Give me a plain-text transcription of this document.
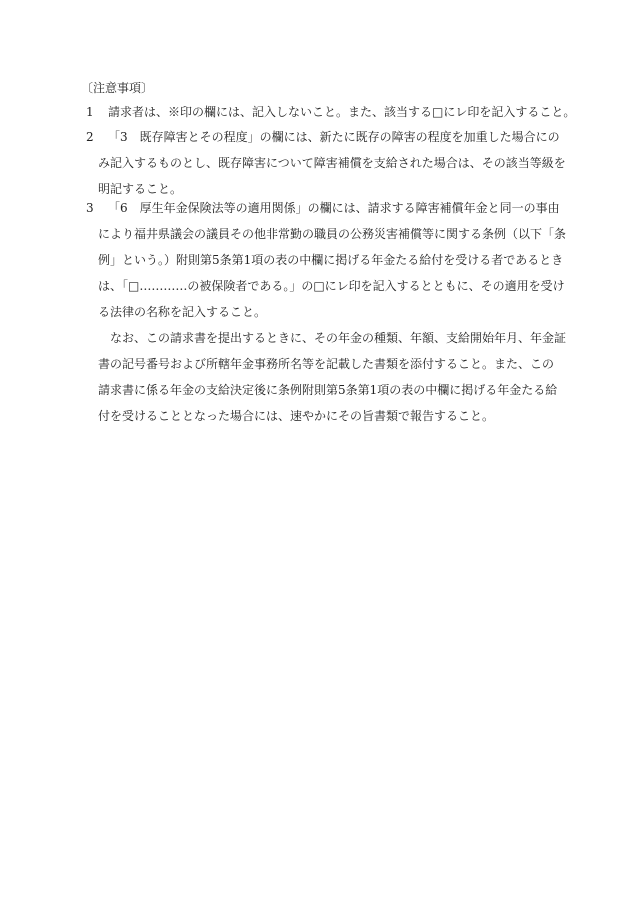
〔注意事項〕
1	請求者は、※印の欄には、記入しないこと。また、該当する□にレ印を記入すること。
2	「3　既存障害とその程度」の欄には、新たに既存の障害の程度を加重した場合にの
み記入するものとし、既存障害について障害補償を支給された場合は、その該当等級を
明記すること。
3	「6　厚生年金保険法等の適用関係」の欄には、請求する障害補償年金と同一の事由
により福井県議会の議員その他非常勤の職員の公務災害補償等に関する条例（以下「条
例」という。）附則第5条第1項の表の中欄に掲げる年金たる給付を受ける者であるとき
は、「□…………の被保険者である。」の□にレ印を記入するとともに、その適用を受け
る法律の名称を記入すること。
なお、この請求書を提出するときに、その年金の種類、年額、支給開始年月、年金証
書の記号番号および所轄年金事務所名等を記載した書類を添付すること。また、この
請求書に係る年金の支給決定後に条例附則第5条第1項の表の中欄に掲げる年金たる給
付を受けることとなった場合には、速やかにその旨書類で報告すること。
